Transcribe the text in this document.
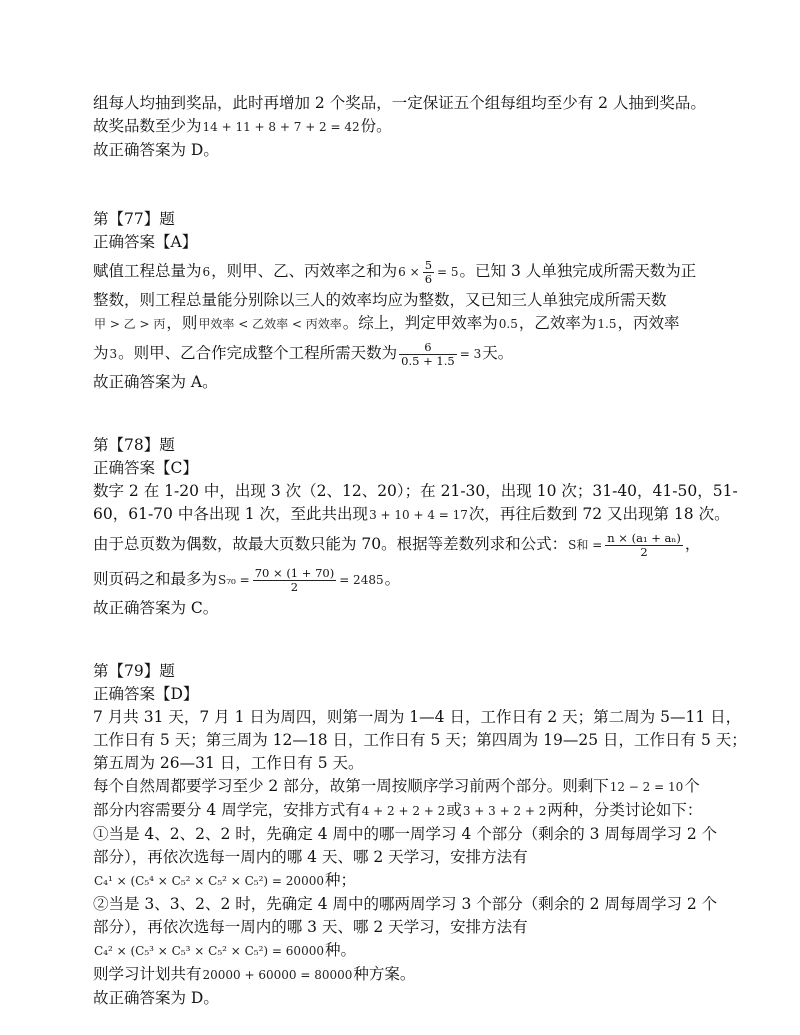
组每人均抽到奖品，此时再增加 2 个奖品，一定保证五个组每组均至少有 2 人抽到奖品。
故奖品数至少为14 + 11 + 8 + 7 + 2 = 42份。
故正确答案为 D。
第【77】题
正确答案【A】
赋值工程总量为6，则甲、乙、丙效率之和为$6 \times \frac{5}{6} = 5$。已知 3 人单独完成所需天数为正
整数，则工程总量能分别除以三人的效率均应为整数，又已知三人单独完成所需天数
甲 > 乙 > 丙，则甲效率 < 乙效率 < 丙效率。综上，判定甲效率为0.5，乙效率为1.5，丙效率
为3。则甲、乙合作完成整个工程所需天数为 $\frac{6}{0.5 + 1.5} = 3$天。
故正确答案为 A。
第【78】题
正确答案【C】
数字 2 在 1-20 中，出现 3 次（2、12、20）；在 21-30，出现 10 次；31-40，41-50，51-
60，61-70 中各出现 1 次，至此共出现3 + 10 + 4 = 17次，再往后数到 72 又出现第 18 次。
由于总页数为偶数，故最大页数只能为 70。根据等差数列求和公式：S和 = $\frac{\text{n × (a₁ + aₙ)}}{2}$ ，
则页码之和最多为$S_{70} = \frac{70 \times (1 + 70)}{2} = 2485$。
故正确答案为 C。
第【79】题
正确答案【D】
7 月共 31 天，7 月 1 日为周四，则第一周为 1—4 日，工作日有 2 天；第二周为 5—11 日，
工作日有 5 天；第三周为 12—18 日，工作日有 5 天；第四周为 19—25 日，工作日有 5 天；
第五周为 26—31 日，工作日有 5 天。
每个自然周都要学习至少 2 部分，故第一周按顺序学习前两个部分。则剩下12 − 2 = 10个
部分内容需要分 4 周学完，安排方式有4 + 2 + 2 + 2或3 + 3 + 2 + 2两种，分类讨论如下：
①当是 4、2、2、2 时，先确定 4 周中的哪一周学习 4 个部分（剩余的 3 周每周学习 2 个
部分），再依次选每一周内的哪 4 天、哪 2 天学习，安排方法有
C₄¹ × (C₅⁴ × C₅² × C₅² × C₅²) = 20000种；
②当是 3、3、2、2 时，先确定 4 周中的哪两周学习 3 个部分（剩余的 2 周每周学习 2 个
部分），再依次选每一周内的哪 3 天、哪 2 天学习，安排方法有
C₄² × (C₅³ × C₅³ × C₅² × C₅²) = 60000种。
则学习计划共有20000 + 60000 = 80000种方案。
故正确答案为 D。
